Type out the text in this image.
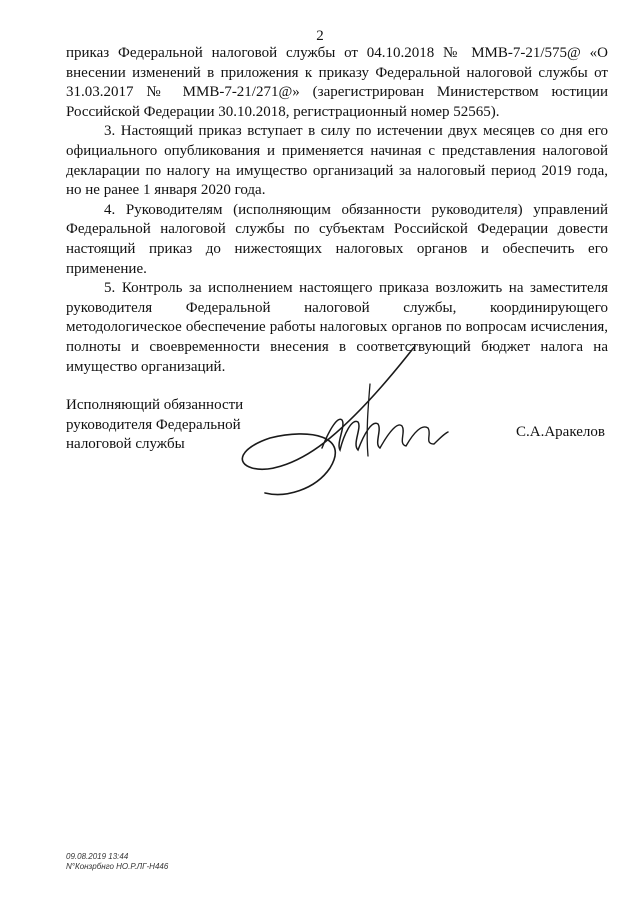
2

приказ Федеральной налоговой службы от 04.10.2018 № ММВ-7-21/575@ «О внесении изменений в приложения к приказу Федеральной налоговой службы от 31.03.2017 № ММВ-7-21/271@» (зарегистрирован Министерством юстиции Российской Федерации 30.10.2018, регистрационный номер 52565).

3. Настоящий приказ вступает в силу по истечении двух месяцев со дня его официального опубликования и применяется начиная с представления налоговой декларации по налогу на имущество организаций за налоговый период 2019 года, но не ранее 1 января 2020 года.

4. Руководителям (исполняющим обязанности руководителя) управлений Федеральной налоговой службы по субъектам Российской Федерации довести настоящий приказ до нижестоящих налоговых органов и обеспечить его применение.

5. Контроль за исполнением настоящего приказа возложить на заместителя руководителя Федеральной налоговой службы, координирующего методологическое обеспечение работы налоговых органов по вопросам исчисления, полноты и своевременности внесения в соответствующий бюджет налога на имущество организаций.

Исполняющий обязанности
руководителя Федеральной
налоговой службы
С.А.Аракелов
09.08.2019 13:44
N°Конзрбнго НО.Р.ЛГ-Н446
